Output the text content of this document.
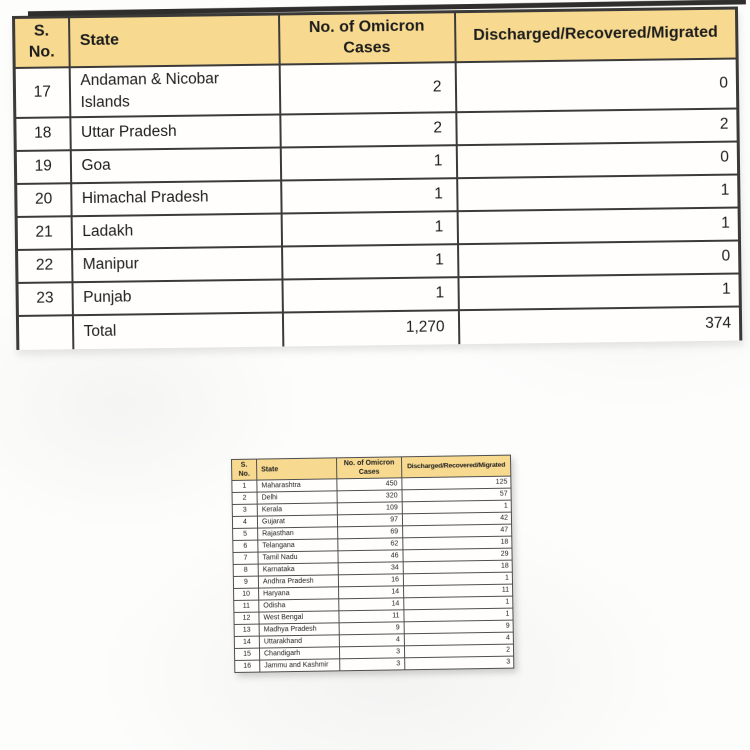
S.
No.	State	No. of Omicron Cases	Discharged/Recovered/Migrated
17	Andaman & Nicobar Islands	2	0
18	Uttar Pradesh	2	2
19	Goa	1	0
20	Himachal Pradesh	1	1
21	Ladakh	1	1
22	Manipur	1	0
23	Punjab	1	1
	Total	1,270	374
S.
No.	State	No. of Omicron Cases	Discharged/Recovered/Migrated
1	Maharashtra	450	125
2	Delhi	320	57
3	Kerala	109	1
4	Gujarat	97	42
5	Rajasthan	69	47
6	Telangana	62	18
7	Tamil Nadu	46	29
8	Karnataka	34	18
9	Andhra Pradesh	16	1
10	Haryana	14	11
11	Odisha	14	1
12	West Bengal	11	1
13	Madhya Pradesh	9	9
14	Uttarakhand	4	4
15	Chandigarh	3	2
16	Jammu and Kashmir	3	3
